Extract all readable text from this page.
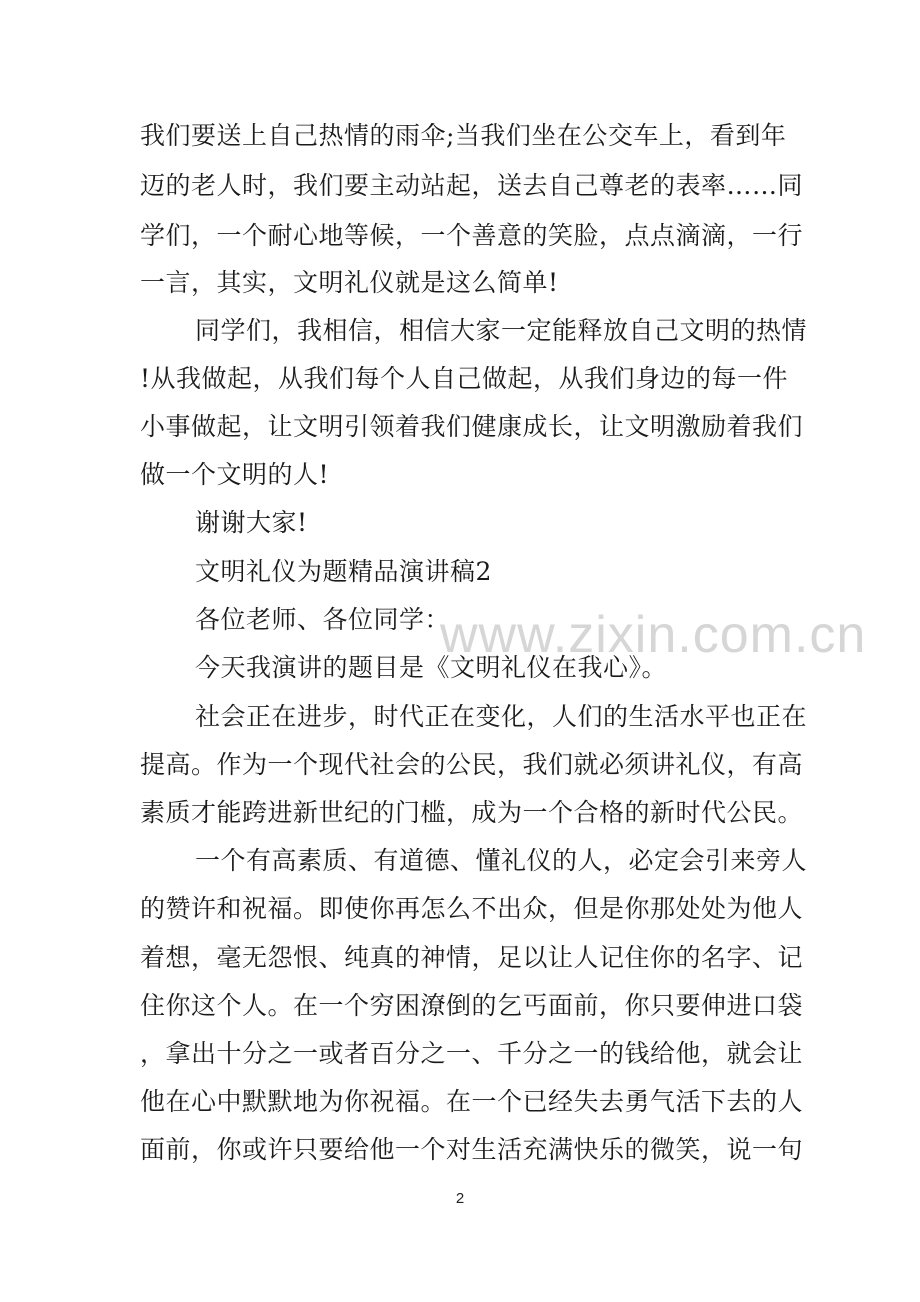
www.zixin.com.cn
我们要送上自己热情的雨伞;当我们坐在公交车上，看到年
迈的老人时，我们要主动站起，送去自己尊老的表率……同
学们，一个耐心地等候，一个善意的笑脸，点点滴滴，一行
一言，其实，文明礼仪就是这么简单!
同学们，我相信，相信大家一定能释放自己文明的热情
!从我做起，从我们每个人自己做起，从我们身边的每一件
小事做起，让文明引领着我们健康成长，让文明激励着我们
做一个文明的人!
谢谢大家!
文明礼仪为题精品演讲稿2
各位老师、各位同学：
今天我演讲的题目是《文明礼仪在我心》。
社会正在进步，时代正在变化，人们的生活水平也正在
提高。作为一个现代社会的公民，我们就必须讲礼仪，有高
素质才能跨进新世纪的门槛，成为一个合格的新时代公民。
一个有高素质、有道德、懂礼仪的人，必定会引来旁人
的赞许和祝福。即使你再怎么不出众，但是你那处处为他人
着想，毫无怨恨、纯真的神情，足以让人记住你的名字、记
住你这个人。在一个穷困潦倒的乞丐面前，你只要伸进口袋
，拿出十分之一或者百分之一、千分之一的钱给他，就会让
他在心中默默地为你祝福。在一个已经失去勇气活下去的人
面前，你或许只要给他一个对生活充满快乐的微笑，说一句
2
